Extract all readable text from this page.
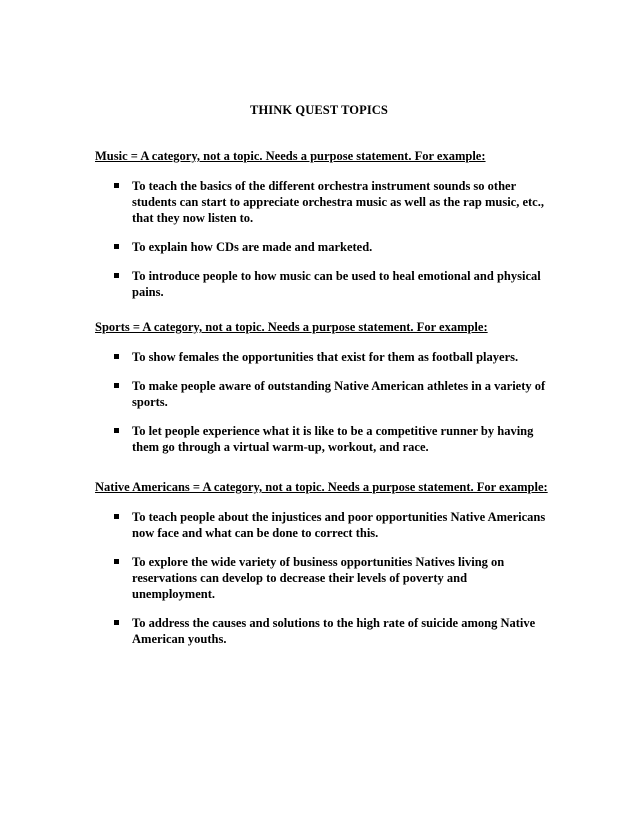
THINK QUEST TOPICS

Music = A category, not a topic. Needs a purpose statement. For example:

To teach the basics of the different orchestra instrument sounds so other students can start to appreciate orchestra music as well as the rap music, etc., that they now listen to.
To explain how CDs are made and marketed.
To introduce people to how music can be used to heal emotional and physical pains.

Sports = A category, not a topic. Needs a purpose statement. For example:

To show females the opportunities that exist for them as football players.
To make people aware of outstanding Native American athletes in a variety of sports.
To let people experience what it is like to be a competitive runner by having them go through a virtual warm-up, workout, and race.

Native Americans = A category, not a topic. Needs a purpose statement. For example:

To teach people about the injustices and poor opportunities Native Americans now face and what can be done to correct this.
To explore the wide variety of business opportunities Natives living on reservations can develop to decrease their levels of poverty and unemployment.
To address the causes and solutions to the high rate of suicide among Native American youths.
